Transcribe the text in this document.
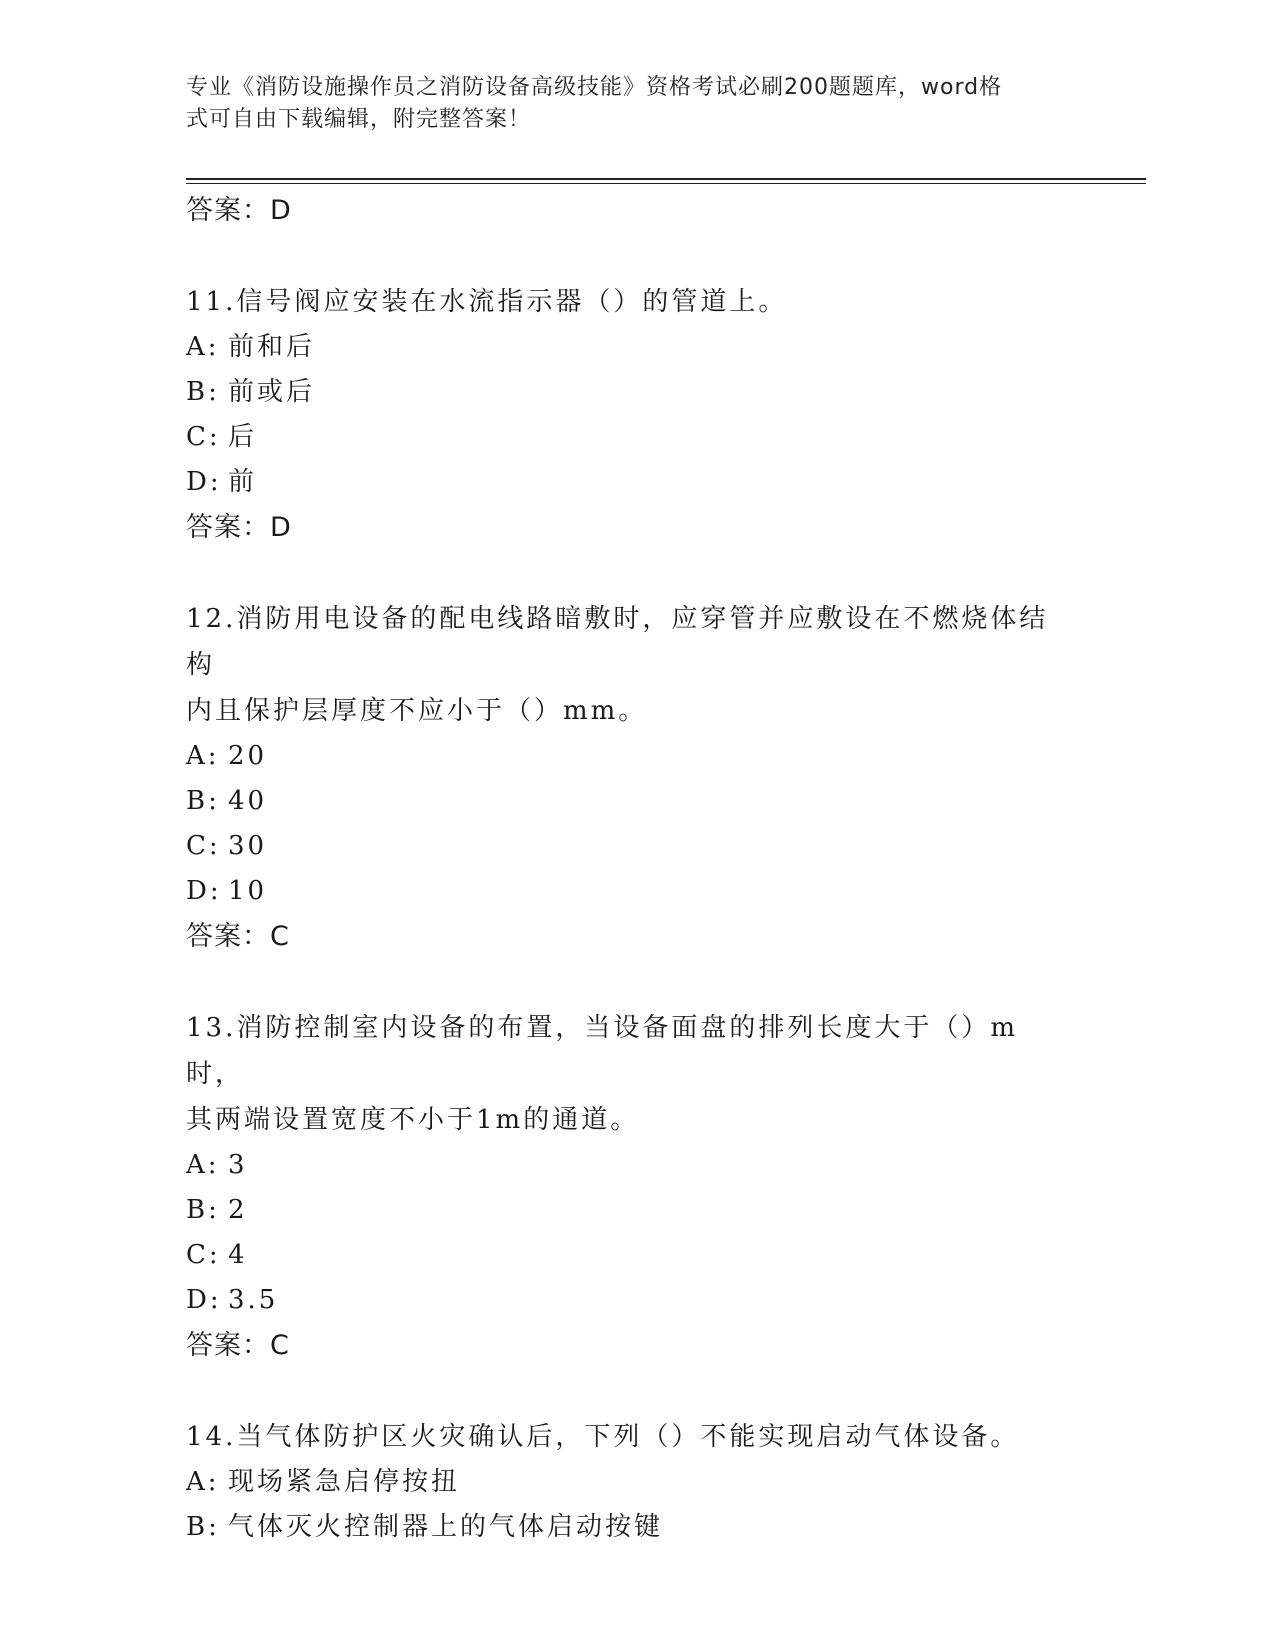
专业《消防设施操作员之消防设备高级技能》资格考试必刷200题题库，word格
式可自由下载编辑，附完整答案！
答案：D
11.信号阀应安装在水流指示器（）的管道上。
A: 前和后
B: 前或后
C: 后
D: 前
答案：D
12.消防用电设备的配电线路暗敷时，应穿管并应敷设在不燃烧体结构
内且保护层厚度不应小于（）mm。
A: 20
B: 40
C: 30
D: 10
答案：C
13.消防控制室内设备的布置，当设备面盘的排列长度大于（）m时，
其两端设置宽度不小于1m的通道。
A: 3
B: 2
C: 4
D: 3.5
答案：C
14.当气体防护区火灾确认后，下列（）不能实现启动气体设备。
A: 现场紧急启停按扭
B: 气体灭火控制器上的气体启动按键
